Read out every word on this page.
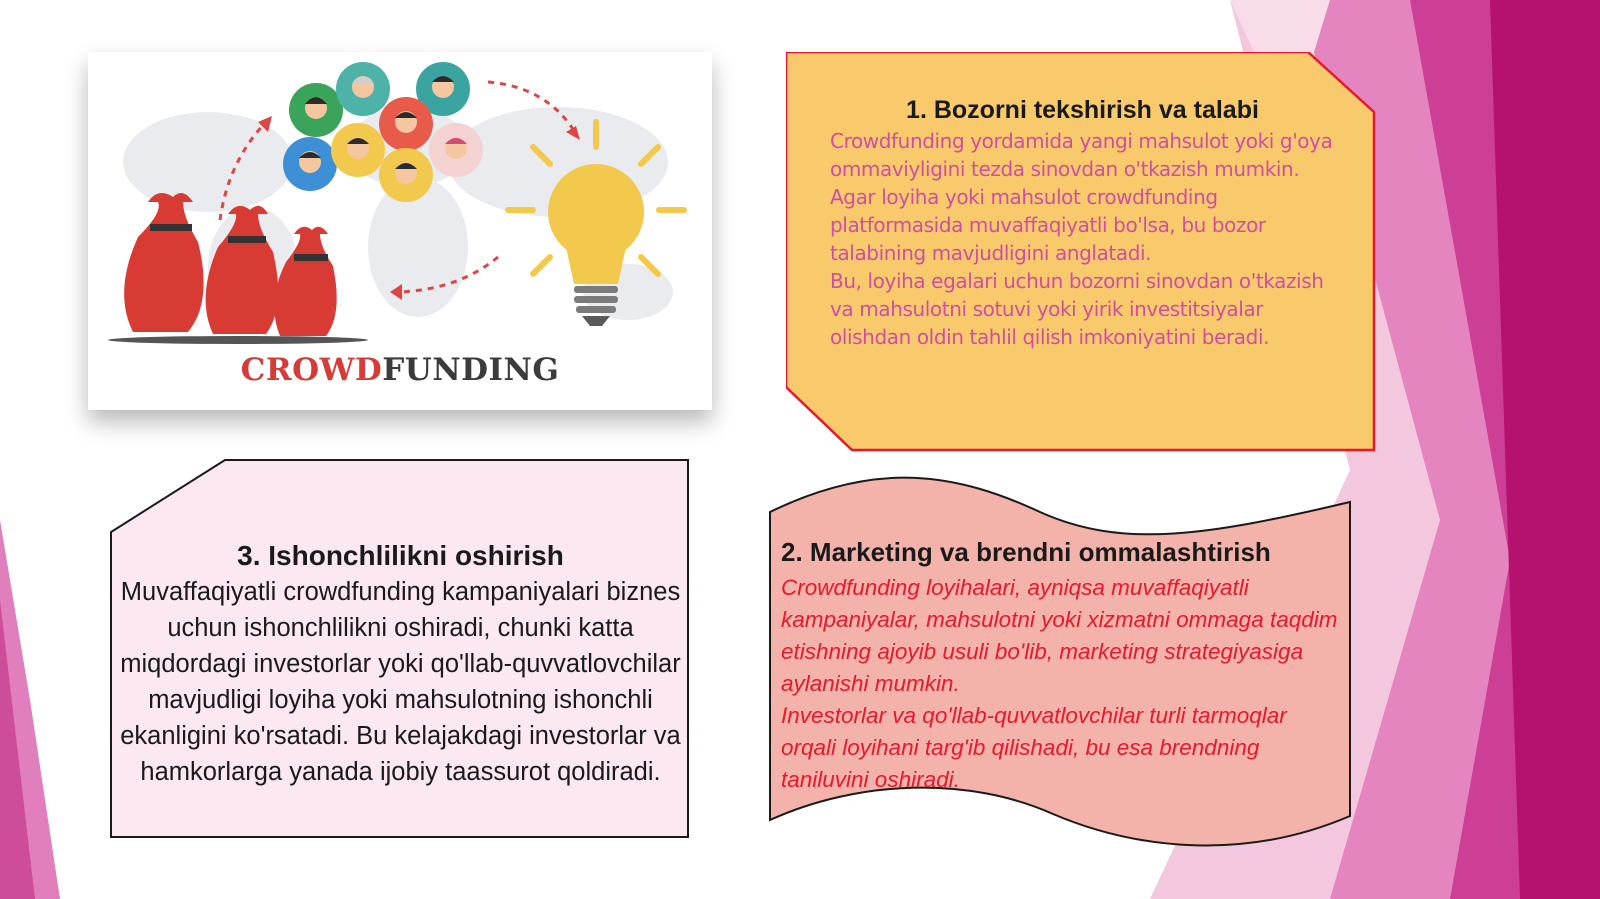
CROWDFUNDING
1. Bozorni tekshirish va talabi

Crowdfunding yordamida yangi mahsulot yoki g'oya ommaviyligini tezda sinovdan o'tkazish mumkin. Agar loyiha yoki mahsulot crowdfunding platformasida muvaffaqiyatli bo'lsa, bu bozor talabining mavjudligini anglatadi.

Bu, loyiha egalari uchun bozorni sinovdan o'tkazish va mahsulotni sotuvi yoki yirik investitsiyalar olishdan oldin tahlil qilish imkoniyatini beradi.

3. Ishonchlilikni oshirish
Muvaffaqiyatli crowdfunding kampaniyalari biznes uchun ishonchlilikni oshiradi, chunki katta miqdordagi investorlar yoki qo'llab-quvvatlovchilar mavjudligi loyiha yoki mahsulotning ishonchli ekanligini ko'rsatadi. Bu kelajakdagi investorlar va hamkorlarga yanada ijobiy taassurot qoldiradi.
2. Marketing va brendni ommalashtirish

Crowdfunding loyihalari, ayniqsa muvaffaqiyatli kampaniyalar, mahsulotni yoki xizmatni ommaga taqdim etishning ajoyib usuli bo'lib, marketing strategiyasiga aylanishi mumkin.

Investorlar va qo'llab-quvvatlovchilar turli tarmoqlar orqali loyihani targ'ib qilishadi, bu esa brendning taniluvini oshiradi.
